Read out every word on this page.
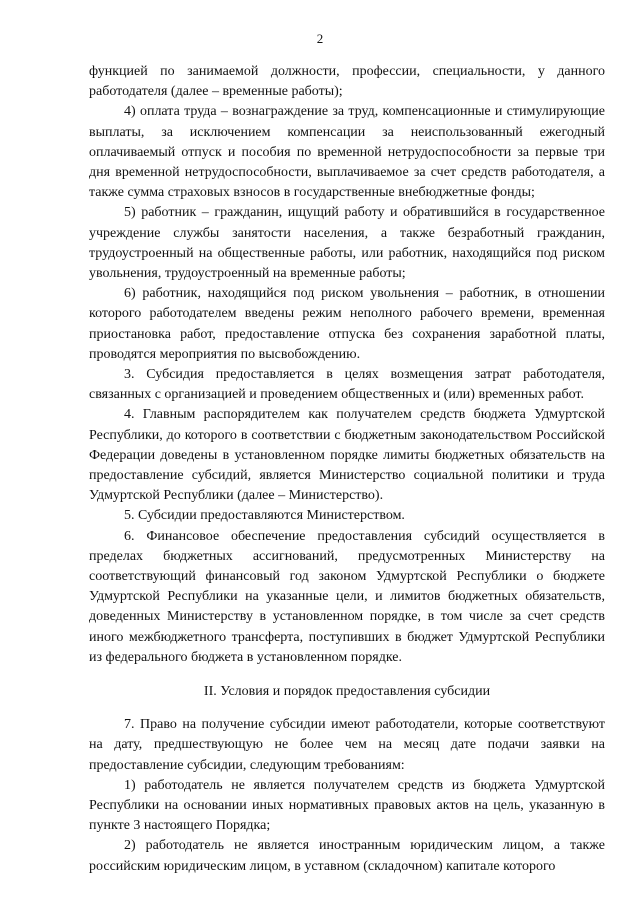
2

функцией по занимаемой должности, профессии, специальности, у данного работодателя (далее – временные работы);

4) оплата труда – вознаграждение за труд, компенсационные и стимулирующие выплаты, за исключением компенсации за неиспользованный ежегодный оплачиваемый отпуск и пособия по временной нетрудоспособности за первые три дня временной нетрудоспособности, выплачиваемое за счет средств работодателя, а также сумма страховых взносов в государственные внебюджетные фонды;

5) работник – гражданин, ищущий работу и обратившийся в государственное учреждение службы занятости населения, а также безработный гражданин, трудоустроенный на общественные работы, или работник, находящийся под риском увольнения, трудоустроенный на временные работы;

6) работник, находящийся под риском увольнения – работник, в отношении которого работодателем введены режим неполного рабочего времени, временная приостановка работ, предоставление отпуска без сохранения заработной платы, проводятся мероприятия по высвобождению.

3. Субсидия предоставляется в целях возмещения затрат работодателя, связанных с организацией и проведением общественных и (или) временных работ.

4. Главным распорядителем как получателем средств бюджета Удмуртской Республики, до которого в соответствии с бюджетным законодательством Российской Федерации доведены в установленном порядке лимиты бюджетных обязательств на предоставление субсидий, является Министерство социальной политики и труда Удмуртской Республики (далее – Министерство).

5. Субсидии предоставляются Министерством.

6. Финансовое обеспечение предоставления субсидий осуществляется в пределах бюджетных ассигнований, предусмотренных Министерству на соответствующий финансовый год законом Удмуртской Республики о бюджете Удмуртской Республики на указанные цели, и лимитов бюджетных обязательств, доведенных Министерству в установленном порядке, в том числе за счет средств иного межбюджетного трансферта, поступивших в бюджет Удмуртской Республики из федерального бюджета в установленном порядке.

II. Условия и порядок предоставления субсидии

7. Право на получение субсидии имеют работодатели, которые соответствуют на дату, предшествующую не более чем на месяц дате подачи заявки на предоставление субсидии, следующим требованиям:

1) работодатель не является получателем средств из бюджета Удмуртской Республики на основании иных нормативных правовых актов на цель, указанную в пункте 3 настоящего Порядка;

2) работодатель не является иностранным юридическим лицом, а также российским юридическим лицом, в уставном (складочном) капитале которого
